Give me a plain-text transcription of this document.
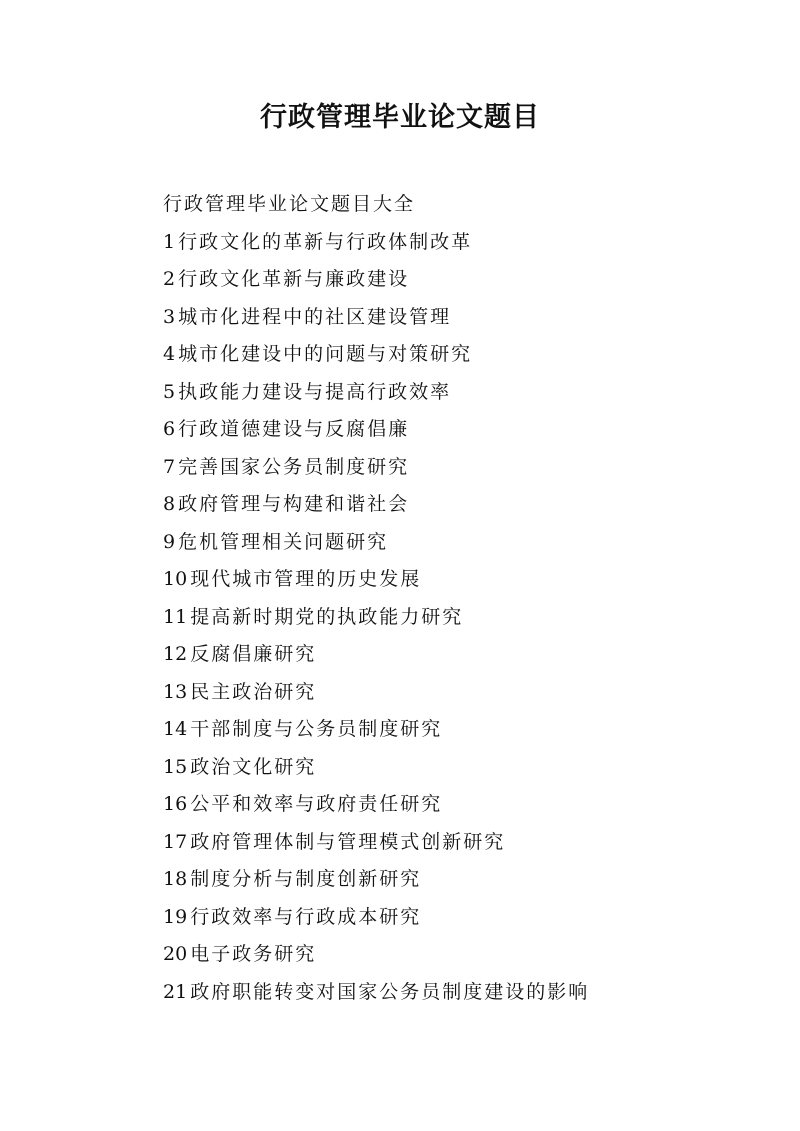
行政管理毕业论文题目
行政管理毕业论文题目大全
1 行政文化的革新与行政体制改革
2 行政文化革新与廉政建设
3 城市化进程中的社区建设管理
4 城市化建设中的问题与对策研究
5 执政能力建设与提高行政效率
6 行政道德建设与反腐倡廉
7 完善国家公务员制度研究
8 政府管理与构建和谐社会
9 危机管理相关问题研究
10 现代城市管理的历史发展
11 提高新时期党的执政能力研究
12 反腐倡廉研究
13 民主政治研究
14 干部制度与公务员制度研究
15 政治文化研究
16 公平和效率与政府责任研究
17 政府管理体制与管理模式创新研究
18 制度分析与制度创新研究
19 行政效率与行政成本研究
20 电子政务研究
21 政府职能转变对国家公务员制度建设的影响
